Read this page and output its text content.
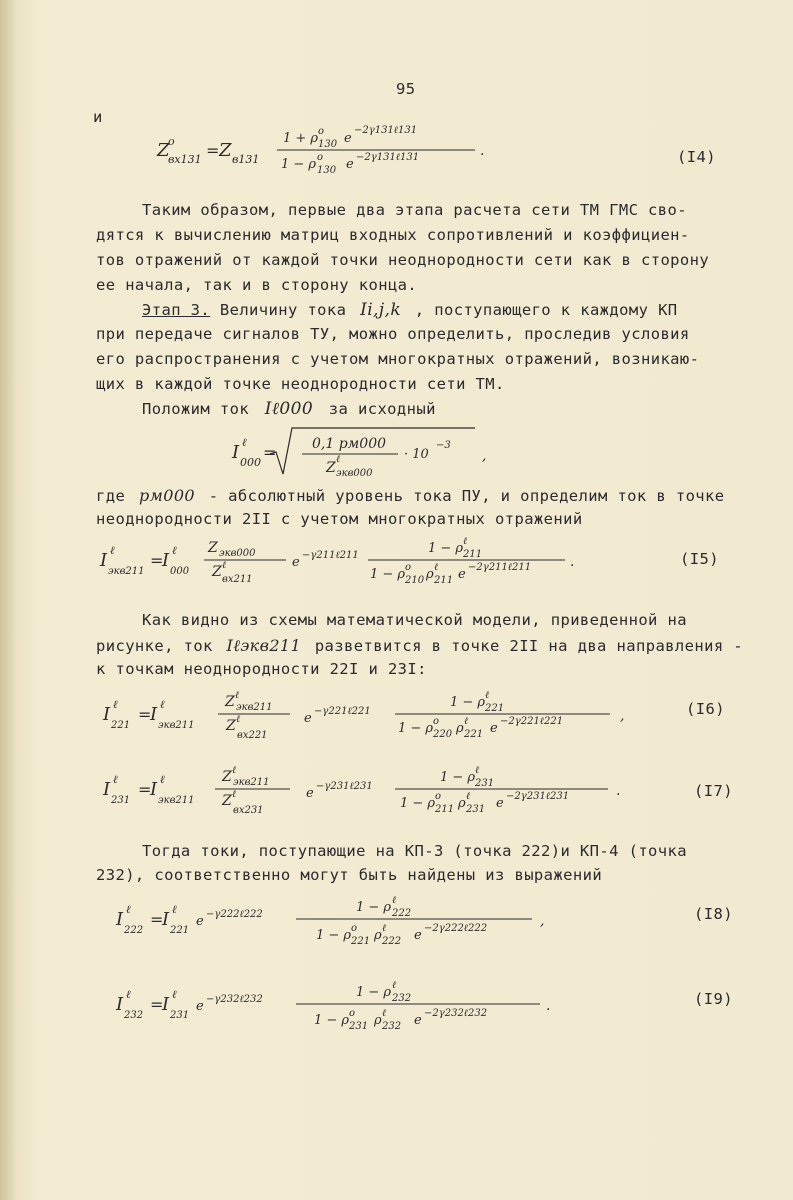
95
и
Z
o
вх131 = Z в131
1 + ρ o
130 e
−2γ131ℓ131
1 − ρ o
130 e −2γ131ℓ131	.	(I4)
Таким образом, первые два этапа расчета сети ТМ ГМС сво-
дятся к вычислению матриц входных сопротивлений и коэффициен-
тов отражений от каждой точки неоднородности сети как в сторону
ее начала, так и в сторону конца.
Этап 3. Величину тока Ii,j,k , поступающего к каждому КП
при передаче сигналов ТУ, можно определить, проследив условия
его распространения с учетом многократных отражений, возникаю-
щих в каждой точке неоднородности сети ТМ.
Положим ток Iℓ000 за исходный
I ℓ
000
=	0,1 pм000
Z
ℓ
экв000
· 10
−3
,
где pм000 - абсолютный уровень тока ПУ, и определим ток в точке
неоднородности 2II с учетом многократных отражений
I ℓ
экв211
=
I ℓ
000
Z экв000
Z ℓ
вх211
e −γ211ℓ211	1 − ρ ℓ
211
1 − ρ o
210 ρ ℓ
211 e −2γ211ℓ211	.	(I5)
Как видно из схемы математической модели, приведенной на
рисунке, ток Iℓэкв211 разветвится в точке 2II на два направления -
к точкам неоднородности 22I и 23I:
I ℓ
221
=
I ℓ
экв211
Z ℓ
экв211
Z ℓ
вх221
e −γ221ℓ221
1 − ρ ℓ
221
1 − ρ o
220 ρ ℓ
221 e −2γ221ℓ221	,	(I6)
I ℓ
231
=
I ℓ
экв211
Z ℓ
экв211
Z ℓ
вх231
e −γ231ℓ231
1 − ρ ℓ
231
1 − ρ o
211 ρ ℓ
231 e −2γ231ℓ231	.	(I7)
Тогда токи, поступающие на КП-3 (точка 222)и КП-4 (точка
232), соответственно могут быть найдены из выражений
I ℓ
222
=
I ℓ
221
e −γ222ℓ222	1 − ρ ℓ
222
1 − ρ o
221 ρ ℓ
222 e −2γ222ℓ222	,	(I8)
I ℓ
232
=
I ℓ
231
e −γ232ℓ232	1 − ρ ℓ
232
1 − ρ o
231 ρ ℓ
232 e −2γ232ℓ232	.	(I9)
